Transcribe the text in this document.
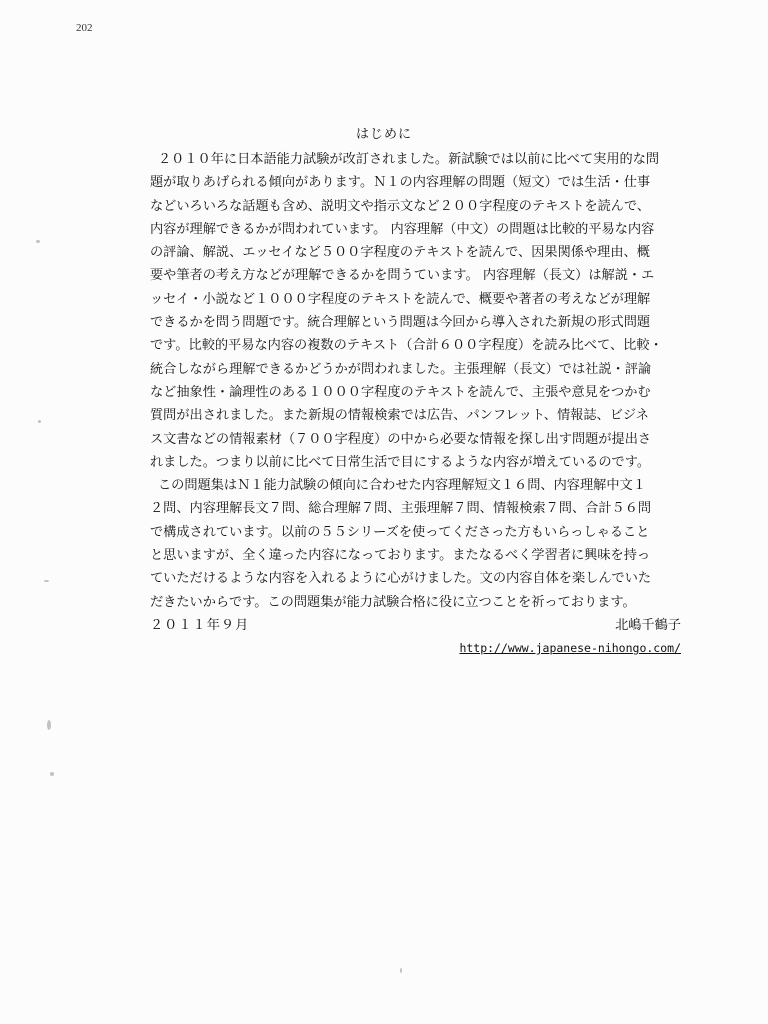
202
はじめに
２０１０年に日本語能力試験が改訂されました。新試験では以前に比べて実用的な問
題が取りあげられる傾向があります。Ｎ１の内容理解の問題（短文）では生活・仕事
などいろいろな話題も含め、説明文や指示文など２００字程度のテキストを読んで、
内容が理解できるかが問われています。 内容理解（中文）の問題は比較的平易な内容
の評論、解説、エッセイなど５００字程度のテキストを読んで、因果関係や理由、概
要や筆者の考え方などが理解できるかを問うています。 内容理解（長文）は解説・エ
ッセイ・小説など１０００字程度のテキストを読んで、概要や著者の考えなどが理解
できるかを問う問題です。統合理解という問題は今回から導入された新規の形式問題
です。比較的平易な内容の複数のテキスト（合計６００字程度）を読み比べて、比較・
統合しながら理解できるかどうかが問われました。主張理解（長文）では社説・評論
など抽象性・論理性のある１０００字程度のテキストを読んで、主張や意見をつかむ
質問が出されました。また新規の情報検索では広告、パンフレット、情報誌、ビジネ
ス文書などの情報素材（７００字程度）の中から必要な情報を探し出す問題が提出さ
れました。つまり以前に比べて日常生活で目にするような内容が増えているのです。
この問題集はＮ１能力試験の傾向に合わせた内容理解短文１６問、内容理解中文１
２問、内容理解長文７問、総合理解７問、主張理解７問、情報検索７問、合計５６問
で構成されています。以前の５５シリーズを使ってくださった方もいらっしゃること
と思いますが、全く違った内容になっております。またなるべく学習者に興味を持っ
ていただけるような内容を入れるように心がけました。文の内容自体を楽しんでいた
だきたいからです。この問題集が能力試験合格に役に立つことを祈っております。
２０１１年９月	北嶋千鶴子
http://www.japanese-nihongo.com/
